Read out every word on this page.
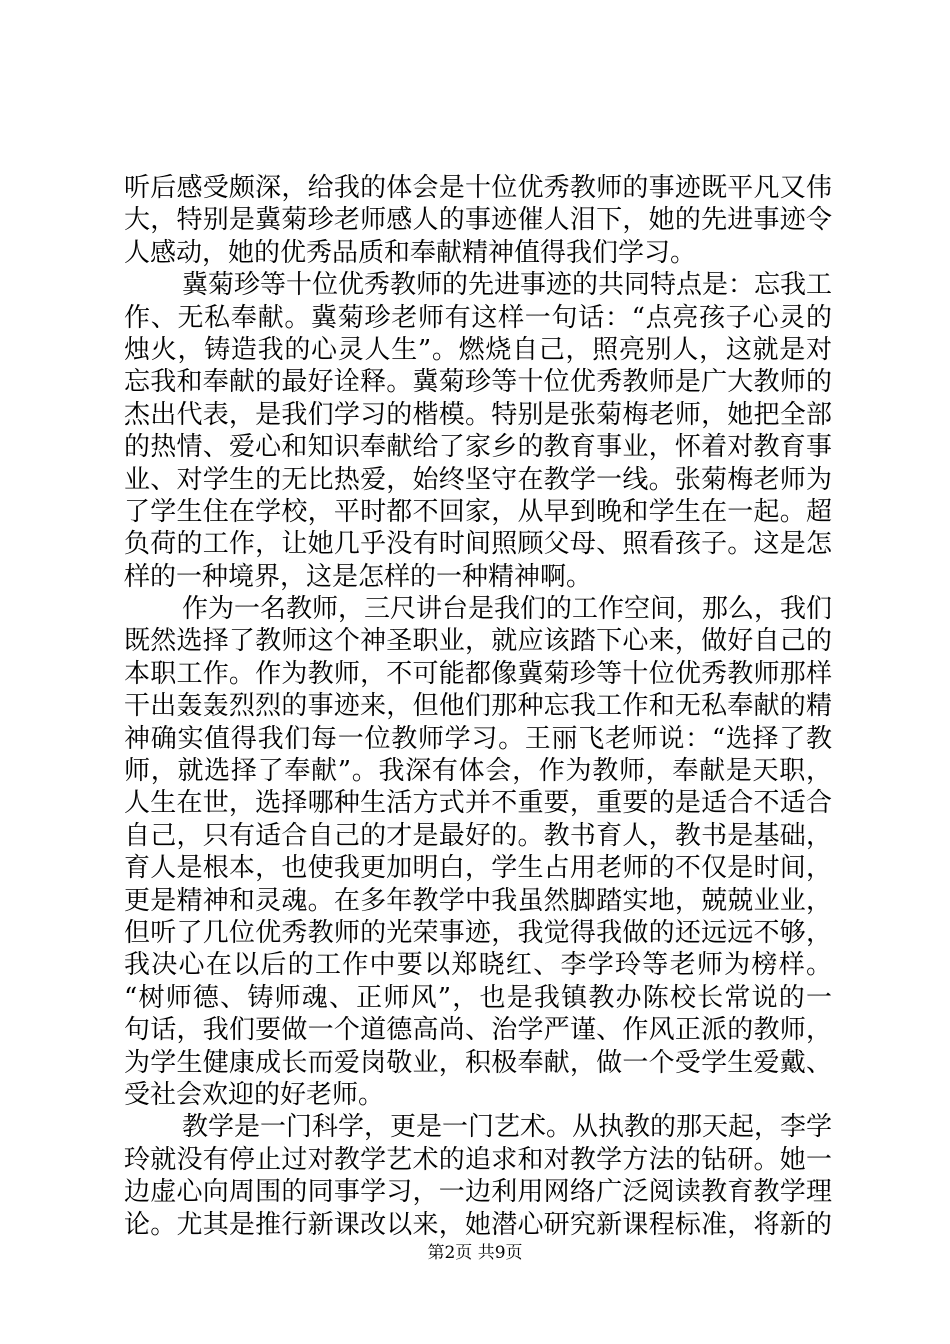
听后感受颇深，给我的体会是十位优秀教师的事迹既平凡又伟
大，特别是冀菊珍老师感人的事迹催人泪下，她的先进事迹令
人感动，她的优秀品质和奉献精神值得我们学习。
冀菊珍等十位优秀教师的先进事迹的共同特点是：忘我工
作、无私奉献。冀菊珍老师有这样一句话：“点亮孩子心灵的
烛火，铸造我的心灵人生”。燃烧自己，照亮别人，这就是对
忘我和奉献的最好诠释。冀菊珍等十位优秀教师是广大教师的
杰出代表，是我们学习的楷模。特别是张菊梅老师，她把全部
的热情、爱心和知识奉献给了家乡的教育事业，怀着对教育事
业、对学生的无比热爱，始终坚守在教学一线。张菊梅老师为
了学生住在学校，平时都不回家，从早到晚和学生在一起。超
负荷的工作，让她几乎没有时间照顾父母、照看孩子。这是怎
样的一种境界，这是怎样的一种精神啊。
作为一名教师，三尺讲台是我们的工作空间，那么，我们
既然选择了教师这个神圣职业，就应该踏下心来，做好自己的
本职工作。作为教师，不可能都像冀菊珍等十位优秀教师那样
干出轰轰烈烈的事迹来，但他们那种忘我工作和无私奉献的精
神确实值得我们每一位教师学习。王丽飞老师说：“选择了教
师，就选择了奉献”。我深有体会，作为教师，奉献是天职，
人生在世，选择哪种生活方式并不重要，重要的是适合不适合
自己，只有适合自己的才是最好的。教书育人，教书是基础，
育人是根本，也使我更加明白，学生占用老师的不仅是时间，
更是精神和灵魂。在多年教学中我虽然脚踏实地，兢兢业业，
但听了几位优秀教师的光荣事迹，我觉得我做的还远远不够，
我决心在以后的工作中要以郑晓红、李学玲等老师为榜样。
“树师德、铸师魂、正师风”，也是我镇教办陈校长常说的一
句话，我们要做一个道德高尚、治学严谨、作风正派的教师，
为学生健康成长而爱岗敬业，积极奉献，做一个受学生爱戴、
受社会欢迎的好老师。
教学是一门科学，更是一门艺术。从执教的那天起，李学
玲就没有停止过对教学艺术的追求和对教学方法的钻研。她一
边虚心向周围的同事学习，一边利用网络广泛阅读教育教学理
论。尤其是推行新课改以来，她潜心研究新课程标准，将新的
第2页 共9页
